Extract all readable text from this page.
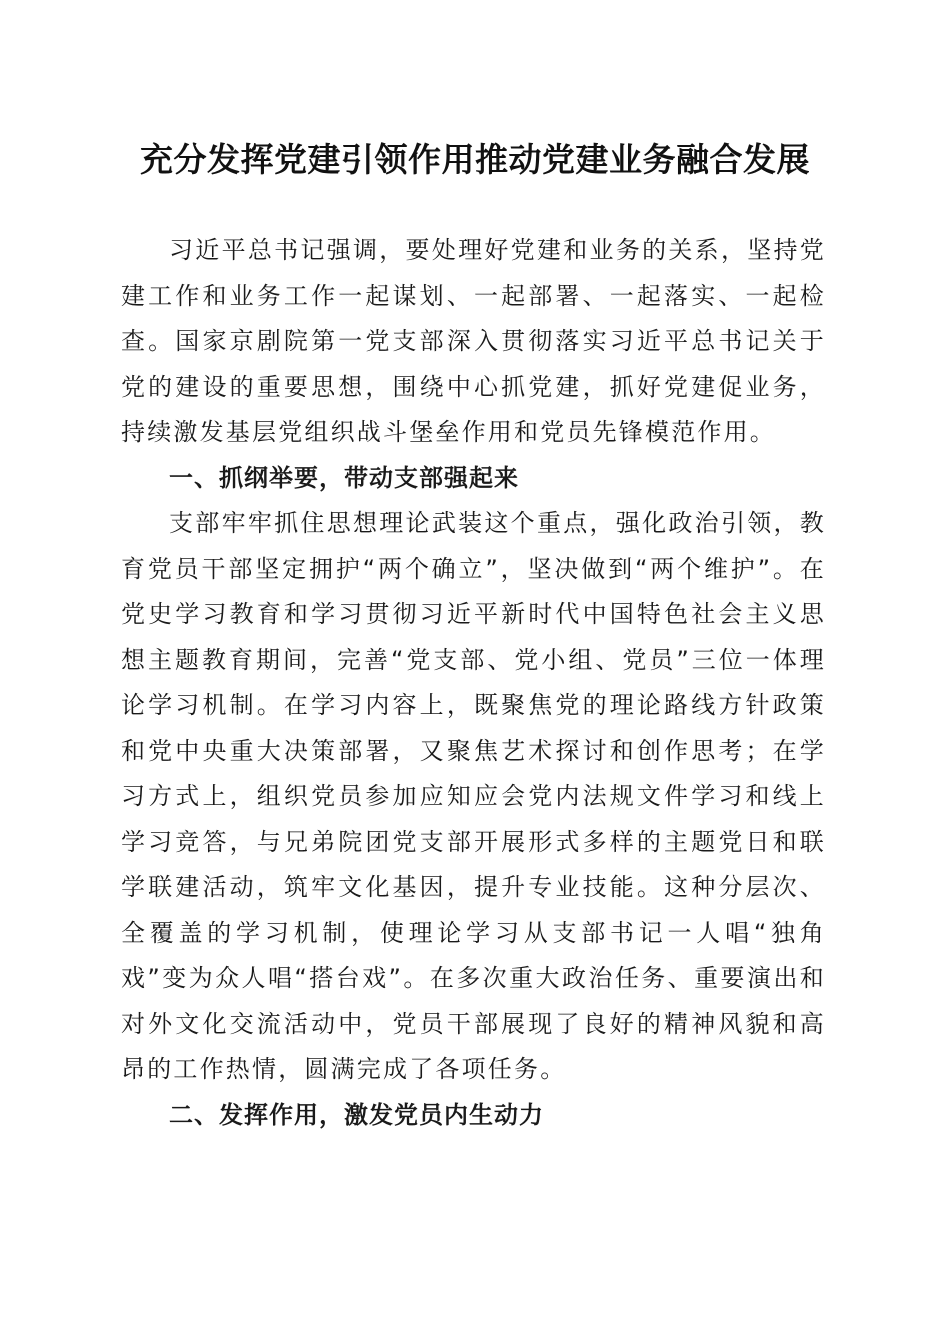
充分发挥党建引领作用推动党建业务融合发展

习近平总书记强调，要处理好党建和业务的关系，坚持党建工作和业务工作一起谋划、一起部署、一起落实、一起检查。国家京剧院第一党支部深入贯彻落实习近平总书记关于党的建设的重要思想，围绕中心抓党建，抓好党建促业务，持续激发基层党组织战斗堡垒作用和党员先锋模范作用。

一、抓纲举要，带动支部强起来

支部牢牢抓住思想理论武装这个重点，强化政治引领，教育党员干部坚定拥护“两个确立”，坚决做到“两个维护”。在党史学习教育和学习贯彻习近平新时代中国特色社会主义思想主题教育期间，完善“党支部、党小组、党员”三位一体理论学习机制。在学习内容上，既聚焦党的理论路线方针政策和党中央重大决策部署，又聚焦艺术探讨和创作思考；在学习方式上，组织党员参加应知应会党内法规文件学习和线上学习竞答，与兄弟院团党支部开展形式多样的主题党日和联学联建活动，筑牢文化基因，提升专业技能。这种分层次、全覆盖的学习机制，使理论学习从支部书记一人唱“独角戏”变为众人唱“搭台戏”。在多次重大政治任务、重要演出和对外文化交流活动中，党员干部展现了良好的精神风貌和高昂的工作热情，圆满完成了各项任务。

二、发挥作用，激发党员内生动力
